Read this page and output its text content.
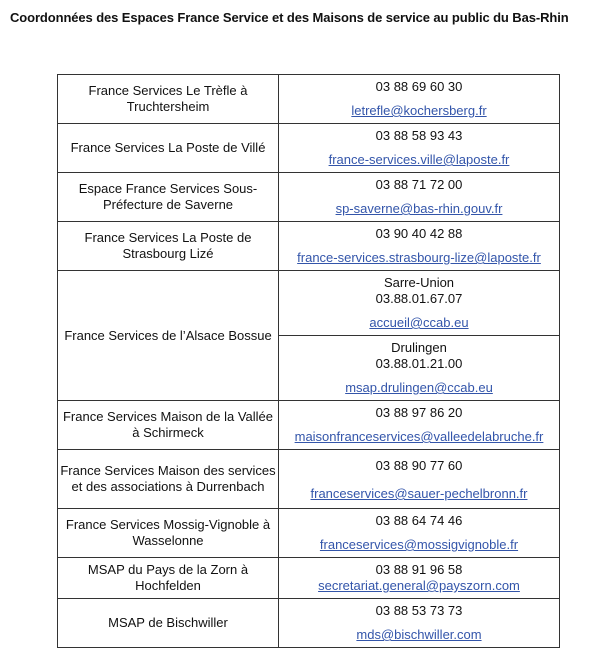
Coordonnées des Espaces France Service et des Maisons de service au public du Bas-Rhin
France Services Le Trèfle à Truchtersheim	03 88 69 60 30
letrefle@kochersberg.fr

France Services La Poste de Villé	03 88 58 93 43
france-services.ville@laposte.fr

Espace France Services Sous-Préfecture de Saverne	03 88 71 72 00
sp-saverne@bas-rhin.gouv.fr

France Services La Poste de Strasbourg Lizé	03 90 40 42 88
france-services.strasbourg-lize@laposte.fr

France Services de l’Alsace Bossue	Sarre-Union
03.88.01.67.07
accueil@ccab.eu

	Drulingen
03.88.01.21.00
msap.drulingen@ccab.eu

France Services Maison de la Vallée à Schirmeck	03 88 97 86 20
maisonfranceservices@valleedelabruche.fr

France Services Maison des services et des associations à Durrenbach	03 88 90 77 60
franceservices@sauer-pechelbronn.fr

France Services Mossig-Vignoble à Wasselonne	03 88 64 74 46
franceservices@mossigvignoble.fr

MSAP du Pays de la Zorn à Hochfelden	03 88 91 96 58
secretariat.general@payszorn.com

MSAP de Bischwiller	03 88 53 73 73
mds@bischwiller.com
